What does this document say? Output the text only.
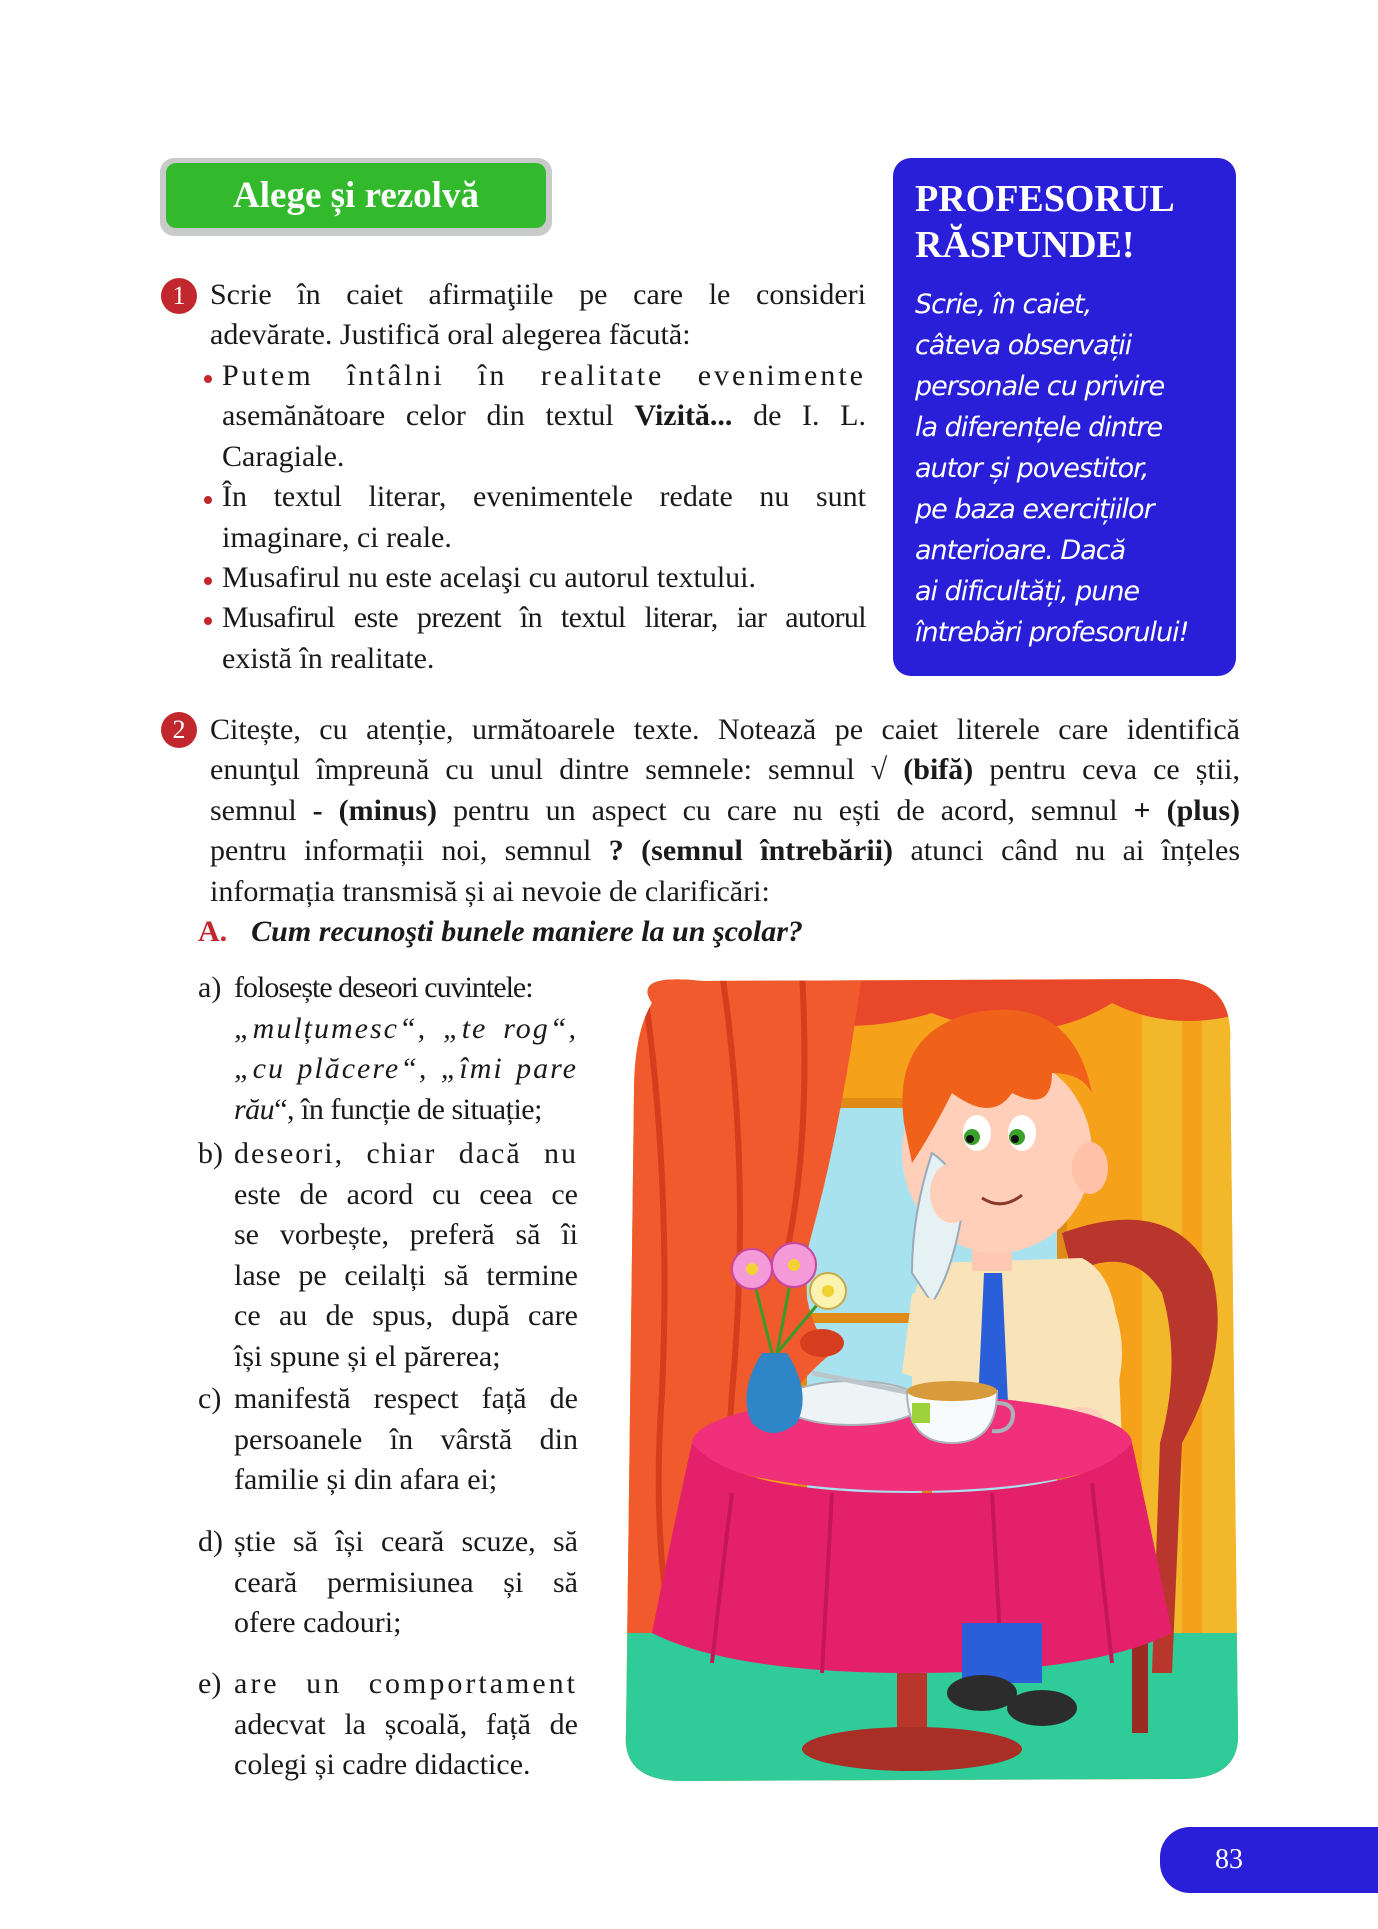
Alege și rezolvă	PROFESORUL
RĂSPUNDE!
Scrie, în caiet,
câteva observații
personale cu privire
la diferențele dintre
autor și povestitor,
pe baza exercițiilor
anterioare. Dacă
ai dificultăți, pune
întrebări profesorului!
1 Scrie în caiet afirmaţiile pe care le consideri
adevărate. Justifică oral alegerea făcută:
Putem întâlni în realitate evenimente
asemănătoare celor din textul Vizită... de I. L.
Caragiale.
În textul literar, evenimentele redate nu sunt
imaginare, ci reale.
Musafirul nu este acelaşi cu autorul textului.
Musafirul este prezent în textul literar, iar autorul
există în realitate.
2 Citește, cu atenție, următoarele texte. Notează pe caiet literele care identifică
enunţul împreună cu unul dintre semnele: semnul √ (bifă) pentru ceva ce știi,
semnul - (minus) pentru un aspect cu care nu ești de acord, semnul + (plus)
pentru informații noi, semnul ? (semnul întrebării) atunci când nu ai înțeles
informația transmisă și ai nevoie de clarificări:
A. Cum recunoşti bunele maniere la un şcolar?
a) folosește deseori cuvintele:
„mulțumesc“, „te rog“,
„cu plăcere“, „îmi pare
rău“, în funcție de situație;
b) deseori, chiar dacă nu
este de acord cu ceea ce
se vorbește, preferă să îi
lase pe ceilalți să termine
ce au de spus, după care
își spune și el părerea;
c) manifestă respect față de
persoanele în vârstă din
familie și din afara ei;
d) știe să își ceară scuze, să
ceară permisiunea și să
ofere cadouri;
e) are un comportament
adecvat la școală, față de
colegi și cadre didactice.
83
